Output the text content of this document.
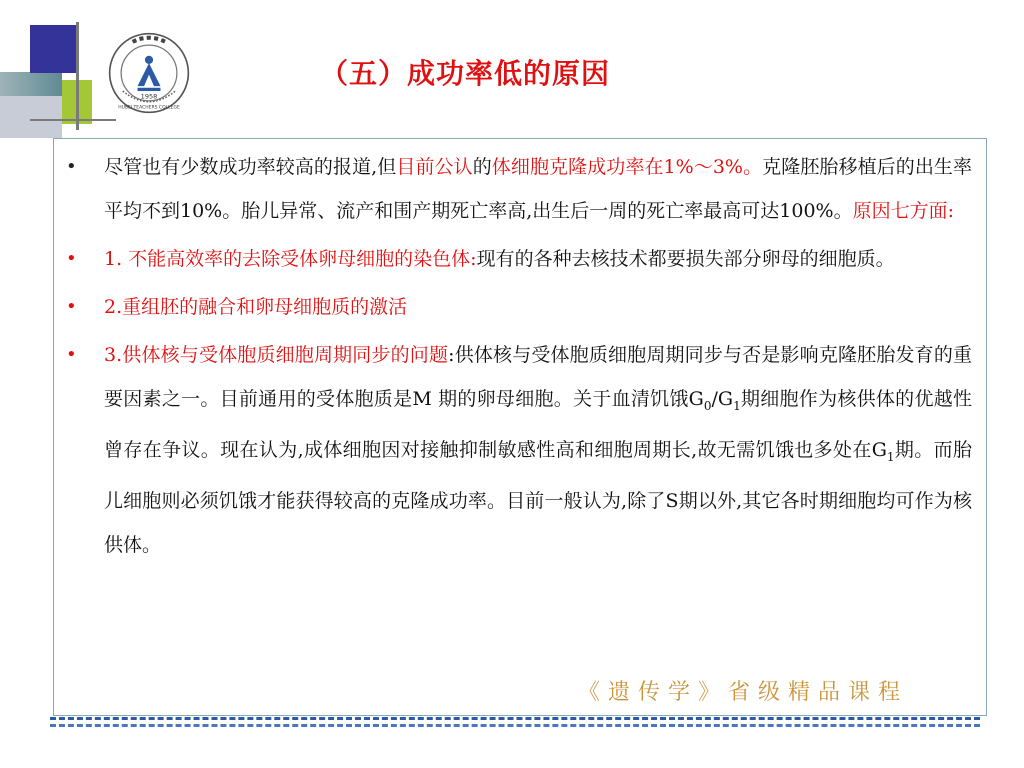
1958
HUBEI TEACHERS COLLEGE
（五）成功率低的原因
• 尽管也有少数成功率较高的报道,但目前公认的体细胞克隆成功率在1%～3%。克隆胚胎移植后的出生率平均不到10%。胎儿异常、流产和围产期死亡率高,出生后一周的死亡率最高可达100%。原因七方面:
• 1. 不能高效率的去除受体卵母细胞的染色体:现有的各种去核技术都要损失部分卵母的细胞质。
• 2.重组胚的融合和卵母细胞质的激活
• 3.供体核与受体胞质细胞周期同步的问题:供体核与受体胞质细胞周期同步与否是影响克隆胚胎发育的重要因素之一。目前通用的受体胞质是M 期的卵母细胞。关于血清饥饿$G_0/G_1$期细胞作为核供体的优越性曾存在争议。现在认为,成体细胞因对接触抑制敏感性高和细胞周期长,故无需饥饿也多处在$G_1$期。而胎儿细胞则必须饥饿才能获得较高的克隆成功率。目前一般认为,除了S期以外,其它各时期细胞均可作为核供体。
《遗传学》省级精品课程
